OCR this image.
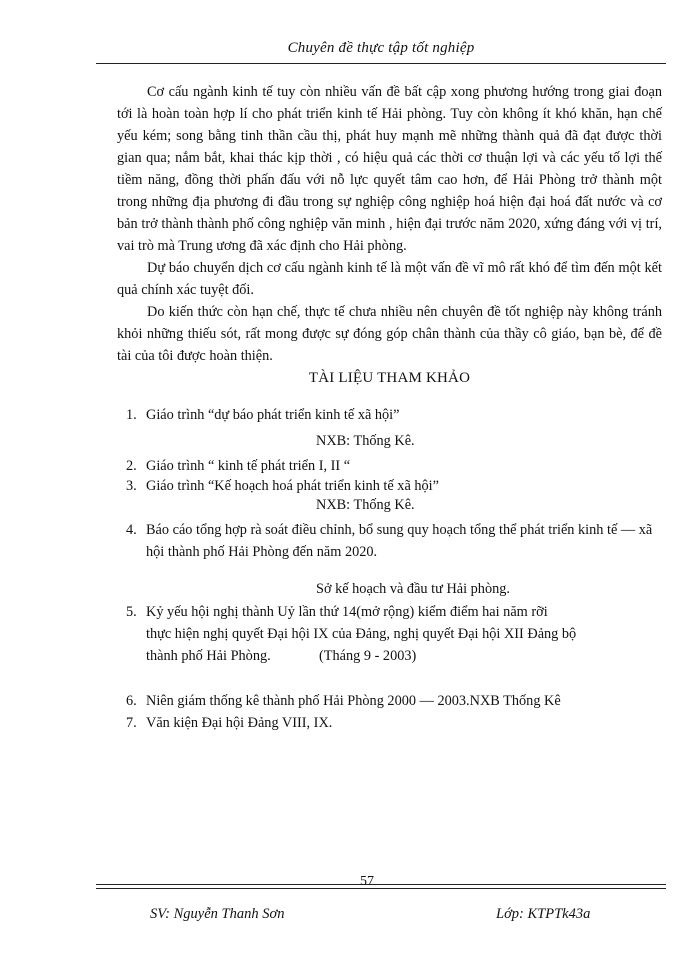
Chuyên đề thực tập tốt nghiệp

Cơ cấu ngành kinh tế tuy còn nhiều vấn đề bất cập xong phương hướng trong giai đoạn tới là hoàn toàn hợp lí cho phát triển kinh tế Hải phòng. Tuy còn không ít khó khăn, hạn chế yếu kém; song bằng tinh thần cầu thị, phát huy mạnh mẽ những thành quả đã đạt được thời gian qua; nắm bắt, khai thác kịp thời , có hiệu quả các thời cơ thuận lợi và các yếu tố lợi thế tiềm năng, đồng thời phấn đấu với nỗ lực quyết tâm cao hơn, để Hải Phòng trở thành một trong những địa phương đi đầu trong sự nghiệp công nghiệp hoá hiện đại hoá đất nước và cơ bản trở thành thành phố công nghiệp văn minh , hiện đại trước năm 2020, xứng đáng với vị trí, vai trò mà Trung ương đã xác định cho Hải phòng.

Dự báo chuyển dịch cơ cấu ngành kinh tế là một vấn đề vĩ mô rất khó để tìm đến một kết quả chính xác tuyệt đối.

Do kiến thức còn hạn chế, thực tế chưa nhiều nên chuyên đề tốt nghiệp này không tránh khỏi những thiếu sót, rất mong được sự đóng góp chân thành của thầy cô giáo, bạn bè, để đề tài của tôi được hoàn thiện.

TÀI LIỆU THAM KHẢO

1. Giáo trình “dự báo phát triển kinh tế xã hội”
NXB: Thống Kê.
2. Giáo trình “ kinh tế phát triển I, II “
3. Giáo trình “Kế hoạch hoá phát triển kinh tế xã hội”
NXB: Thống Kê.
4. Báo cáo tổng hợp rà soát điều chỉnh, bổ sung quy hoạch tổng thể phát triển kinh tế — xã hội thành phố Hải Phòng đến năm 2020.
Sở kế hoạch và đầu tư Hải phòng.
5. Kỷ yếu hội nghị thành Uỷ lần thứ 14(mở rộng) kiểm điểm hai năm rỡi
thực hiện nghị quyết Đại hội IX của Đảng, nghị quyết Đại hội XII Đảng bộ
thành phố Hải Phòng.	(Tháng 9 - 2003)
6. Niên giám thống kê thành phố Hải Phòng 2000 — 2003.NXB Thống Kê
7. Văn kiện Đại hội Đảng VIII, IX.
57
SV: Nguyễn Thanh Sơn	Lớp: KTPTk43a
